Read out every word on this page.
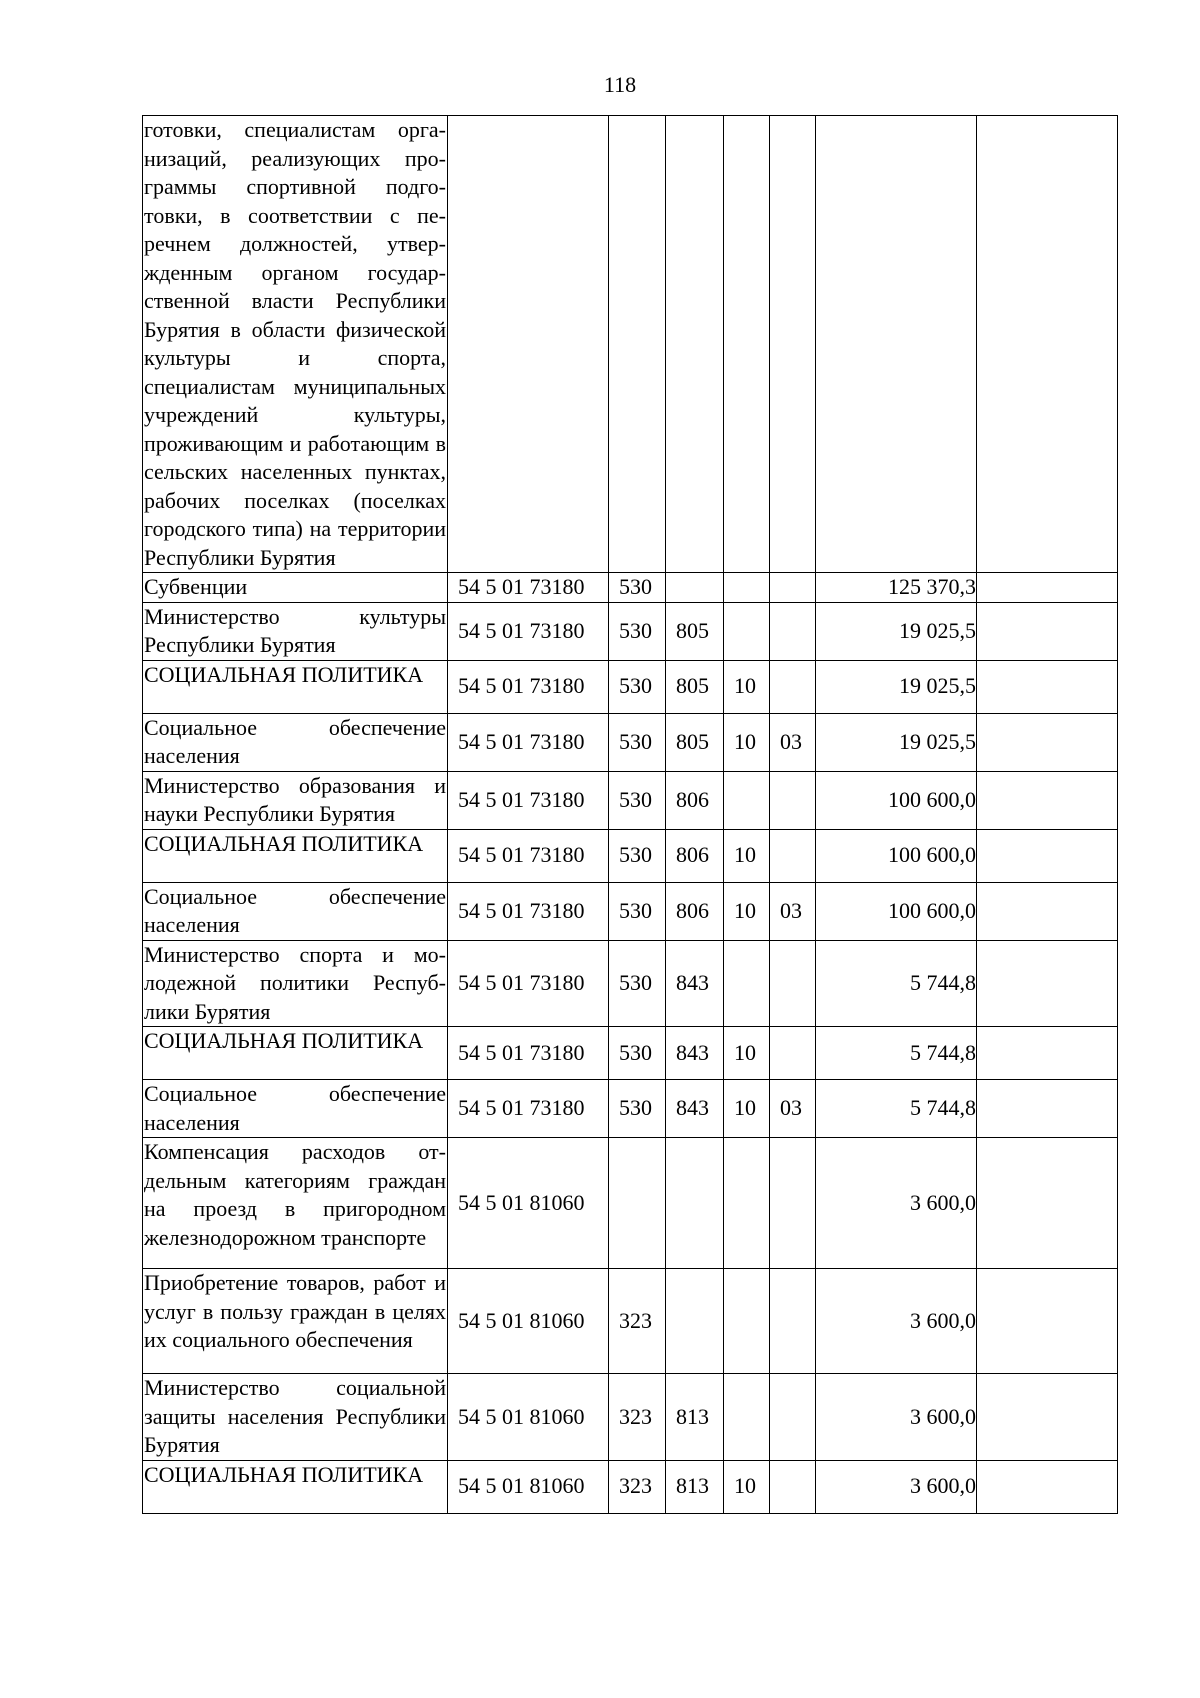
118
готовки, специалистам организаций, реализующих программы спортивной подготовки, в соответствии с перечнем должностей, утвержденным органом государственной власти Республики Бурятия в области физической культуры и спорта, специалистам муниципальных учреждений культуры, проживающим и работающим в сельских населенных пунктах, рабочих поселках (поселках городского типа) на территории Республики Бурятия							
Субвенции	54 5 01 73180	530				125 370,3	
Министерство культуры Республики Бурятия	54 5 01 73180	530	805			19 025,5	
СОЦИАЛЬНАЯ ПОЛИТИКА	54 5 01 73180	530	805	10		19 025,5	
Социальное обеспечение населения	54 5 01 73180	530	805	10	03	19 025,5	
Министерство образования и науки Республики Бурятия	54 5 01 73180	530	806			100 600,0	
СОЦИАЛЬНАЯ ПОЛИТИКА	54 5 01 73180	530	806	10		100 600,0	
Социальное обеспечение населения	54 5 01 73180	530	806	10	03	100 600,0	
Министерство спорта и молодежной политики Республики Бурятия	54 5 01 73180	530	843			5 744,8	
СОЦИАЛЬНАЯ ПОЛИТИКА	54 5 01 73180	530	843	10		5 744,8	
Социальное обеспечение населения	54 5 01 73180	530	843	10	03	5 744,8	
Компенсация расходов отдельным категориям граждан на проезд в пригородном железнодорожном транспорте	54 5 01 81060					3 600,0	
Приобретение товаров, работ и услуг в пользу граждан в целях их социального обеспечения	54 5 01 81060	323				3 600,0	
Министерство социальной защиты населения Республики Бурятия	54 5 01 81060	323	813			3 600,0	
СОЦИАЛЬНАЯ ПОЛИТИКА	54 5 01 81060	323	813	10		3 600,0	
